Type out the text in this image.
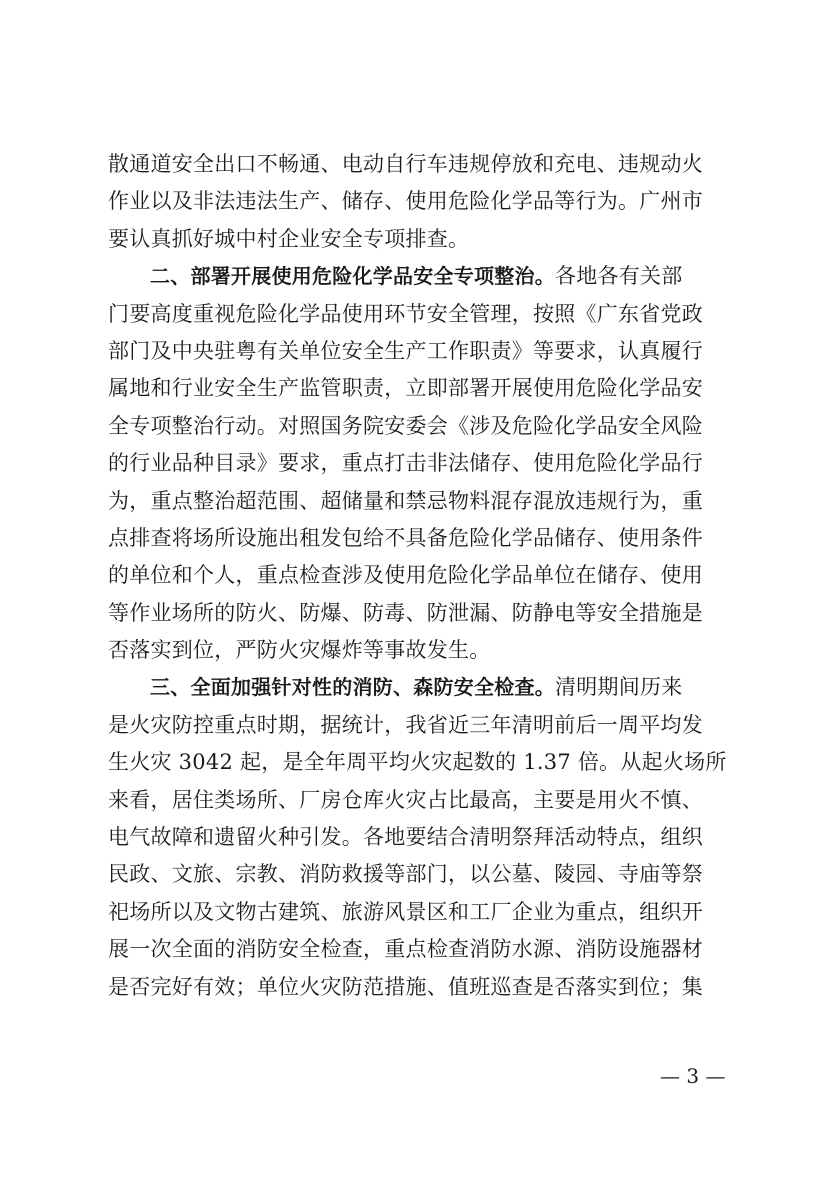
散通道安全出口不畅通、电动自行车违规停放和充电、违规动火
作业以及非法违法生产、储存、使用危险化学品等行为。广州市
要认真抓好城中村企业安全专项排查。
二、部署开展使用危险化学品安全专项整治。各地各有关部
门要高度重视危险化学品使用环节安全管理，按照《广东省党政
部门及中央驻粤有关单位安全生产工作职责》等要求，认真履行
属地和行业安全生产监管职责，立即部署开展使用危险化学品安
全专项整治行动。对照国务院安委会《涉及危险化学品安全风险
的行业品种目录》要求，重点打击非法储存、使用危险化学品行
为，重点整治超范围、超储量和禁忌物料混存混放违规行为，重
点排查将场所设施出租发包给不具备危险化学品储存、使用条件
的单位和个人，重点检查涉及使用危险化学品单位在储存、使用
等作业场所的防火、防爆、防毒、防泄漏、防静电等安全措施是
否落实到位，严防火灾爆炸等事故发生。
三、全面加强针对性的消防、森防安全检查。清明期间历来
是火灾防控重点时期，据统计，我省近三年清明前后一周平均发
生火灾 3042 起，是全年周平均火灾起数的 1.37 倍。从起火场所
来看，居住类场所、厂房仓库火灾占比最高，主要是用火不慎、
电气故障和遗留火种引发。各地要结合清明祭拜活动特点，组织
民政、文旅、宗教、消防救援等部门，以公墓、陵园、寺庙等祭
祀场所以及文物古建筑、旅游风景区和工厂企业为重点，组织开
展一次全面的消防安全检查，重点检查消防水源、消防设施器材
是否完好有效；单位火灾防范措施、值班巡查是否落实到位；集
— 3 —
